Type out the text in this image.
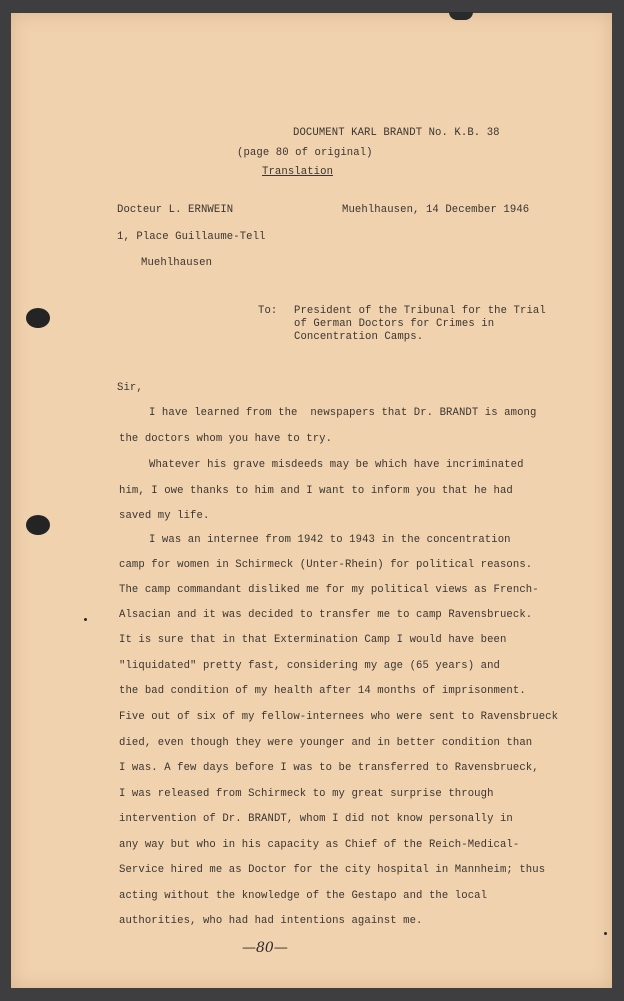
DOCUMENT KARL BRANDT No. K.B. 38
(page 80 of original)
Translation
Docteur L. ERNWEIN	Muehlhausen, 14 December 1946
1, Place Guillaume-Tell
Muehlhausen
To: President of the Tribunal for the Trial
of German Doctors for Crimes in
Concentration Camps.
Sir,
I have learned from the  newspapers that Dr. BRANDT is among
the doctors whom you have to try.
Whatever his grave misdeeds may be which have incriminated
him, I owe thanks to him and I want to inform you that he had
saved my life.
I was an internee from 1942 to 1943 in the concentration
camp for women in Schirmeck (Unter-Rhein) for political reasons.
The camp commandant disliked me for my political views as French-
Alsacian and it was decided to transfer me to camp Ravensbrueck.
It is sure that in that Extermination Camp I would have been
"liquidated" pretty fast, considering my age (65 years) and
the bad condition of my health after 14 months of imprisonment.
Five out of six of my fellow-internees who were sent to Ravensbrueck
died, even though they were younger and in better condition than
I was. A few days before I was to be transferred to Ravensbrueck,
I was released from Schirmeck to my great surprise through
intervention of Dr. BRANDT, whom I did not know personally in
any way but who in his capacity as Chief of the Reich-Medical-
Service hired me as Doctor for the city hospital in Mannheim; thus
acting without the knowledge of the Gestapo and the local
authorities, who had had intentions against me.
—80—
